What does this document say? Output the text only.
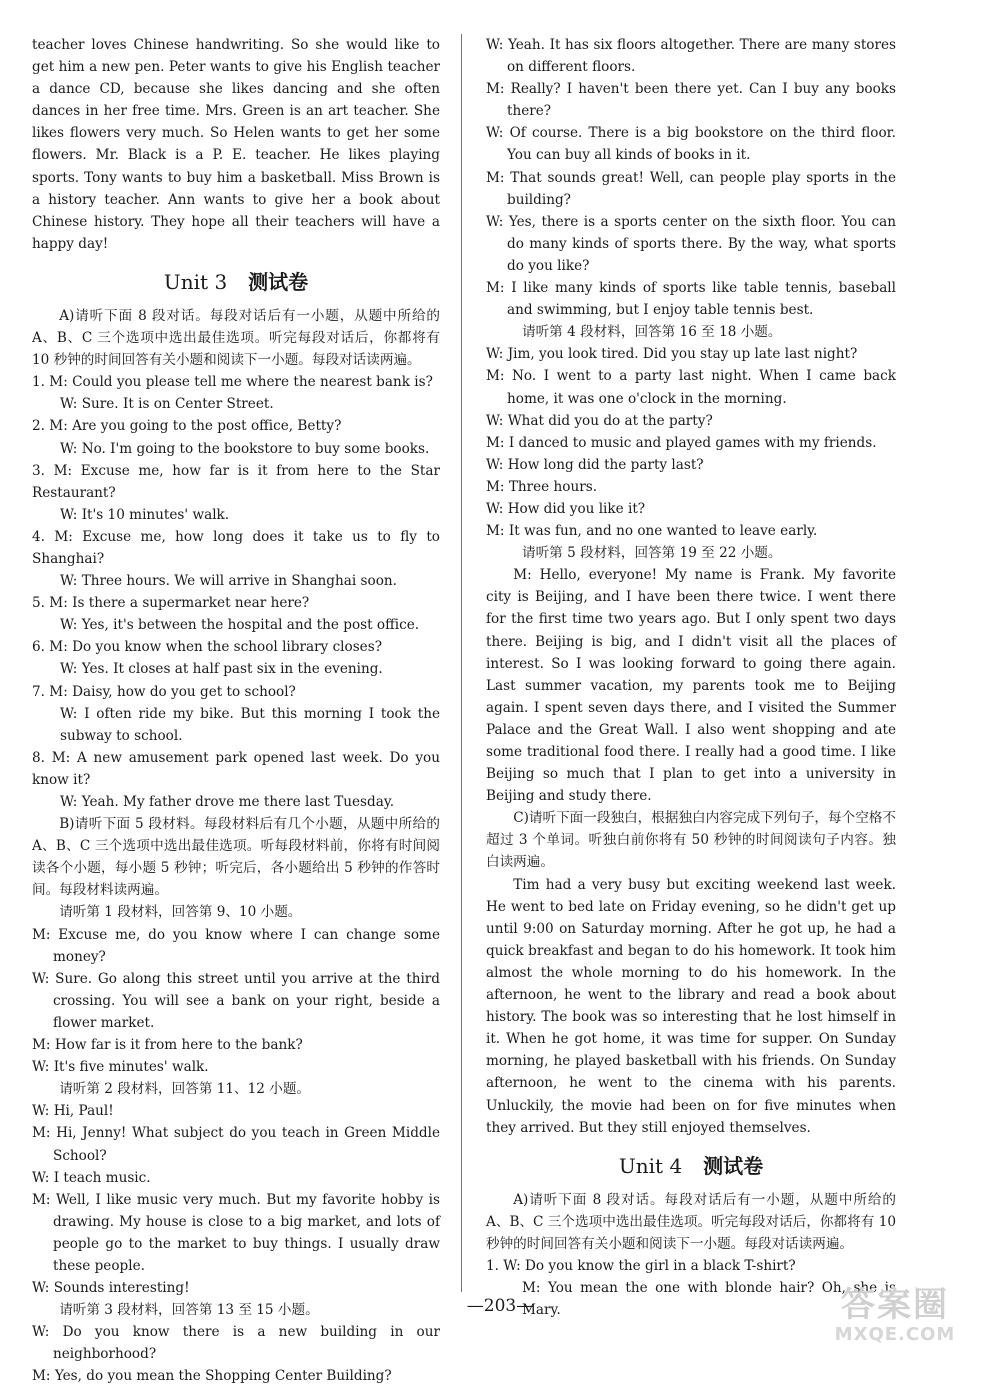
teacher loves Chinese handwriting. So she would like to get him a new pen. Peter wants to give his English teacher a dance CD, because she likes dancing and she often dances in her free time. Mrs. Green is an art teacher. She likes flowers very much. So Helen wants to get her some flowers. Mr. Black is a P. E. teacher. He likes playing sports. Tony wants to buy him a basketball. Miss Brown is a history teacher. Ann wants to give her a book about Chinese history. They hope all their teachers will have a happy day!

Unit 3 测试卷

A)请听下面 8 段对话。每段对话后有一小题，从题中所给的 A、B、C 三个选项中选出最佳选项。听完每段对话后，你都将有 10 秒钟的时间回答有关小题和阅读下一小题。每段对话读两遍。

1. M: Could you please tell me where the nearest bank is?

W: Sure. It is on Center Street.

2. M: Are you going to the post office, Betty?

W: No. I'm going to the bookstore to buy some books.

3. M: Excuse me, how far is it from here to the Star Restaurant?

W: It's 10 minutes' walk.

4. M: Excuse me, how long does it take us to fly to Shanghai?

W: Three hours. We will arrive in Shanghai soon.

5. M: Is there a supermarket near here?

W: Yes, it's between the hospital and the post office.

6. M: Do you know when the school library closes?

W: Yes. It closes at half past six in the evening.

7. M: Daisy, how do you get to school?

W: I often ride my bike. But this morning I took the subway to school.

8. M: A new amusement park opened last week. Do you know it?

W: Yeah. My father drove me there last Tuesday.

B)请听下面 5 段材料。每段材料后有几个小题，从题中所给的 A、B、C 三个选项中选出最佳选项。听每段材料前，你将有时间阅读各个小题，每小题 5 秒钟；听完后，各小题给出 5 秒钟的作答时间。每段材料读两遍。

请听第 1 段材料，回答第 9、10 小题。

M: Excuse me, do you know where I can change some money?

W: Sure. Go along this street until you arrive at the third crossing. You will see a bank on your right, beside a flower market.

M: How far is it from here to the bank?

W: It's five minutes' walk.

请听第 2 段材料，回答第 11、12 小题。

W: Hi, Paul!

M: Hi, Jenny! What subject do you teach in Green Middle School?

W: I teach music.

M: Well, I like music very much. But my favorite hobby is drawing. My house is close to a big market, and lots of people go to the market to buy things. I usually draw these people.

W: Sounds interesting!

请听第 3 段材料，回答第 13 至 15 小题。

W: Do you know there is a new building in our neighborhood?

M: Yes, do you mean the Shopping Center Building?

W: Yeah. It has six floors altogether. There are many stores on different floors.

M: Really? I haven't been there yet. Can I buy any books there?

W: Of course. There is a big bookstore on the third floor. You can buy all kinds of books in it.

M: That sounds great! Well, can people play sports in the building?

W: Yes, there is a sports center on the sixth floor. You can do many kinds of sports there. By the way, what sports do you like?

M: I like many kinds of sports like table tennis, baseball and swimming, but I enjoy table tennis best.

请听第 4 段材料，回答第 16 至 18 小题。

W: Jim, you look tired. Did you stay up late last night?

M: No. I went to a party last night. When I came back home, it was one o'clock in the morning.

W: What did you do at the party?

M: I danced to music and played games with my friends.

W: How long did the party last?

M: Three hours.

W: How did you like it?

M: It was fun, and no one wanted to leave early.

请听第 5 段材料，回答第 19 至 22 小题。

M: Hello, everyone! My name is Frank. My favorite city is Beijing, and I have been there twice. I went there for the first time two years ago. But I only spent two days there. Beijing is big, and I didn't visit all the places of interest. So I was looking forward to going there again. Last summer vacation, my parents took me to Beijing again. I spent seven days there, and I visited the Summer Palace and the Great Wall. I also went shopping and ate some traditional food there. I really had a good time. I like Beijing so much that I plan to get into a university in Beijing and study there.

C)请听下面一段独白，根据独白内容完成下列句子，每个空格不超过 3 个单词。听独白前你将有 50 秒钟的时间阅读句子内容。独白读两遍。

Tim had a very busy but exciting weekend last week. He went to bed late on Friday evening, so he didn't get up until 9:00 on Saturday morning. After he got up, he had a quick breakfast and began to do his homework. It took him almost the whole morning to do his homework. In the afternoon, he went to the library and read a book about history. The book was so interesting that he lost himself in it. When he got home, it was time for supper. On Sunday morning, he played basketball with his friends. On Sunday afternoon, he went to the cinema with his parents. Unluckily, the movie had been on for five minutes when they arrived. But they still enjoyed themselves.

Unit 4 测试卷

A)请听下面 8 段对话。每段对话后有一小题，从题中所给的 A、B、C 三个选项中选出最佳选项。听完每段对话后，你都将有 10 秒钟的时间回答有关小题和阅读下一小题。每段对话读两遍。

1. W: Do you know the girl in a black T-shirt?

M: You mean the one with blonde hair? Oh, she is Mary.

—203—	答案圈
MXQE.COM
